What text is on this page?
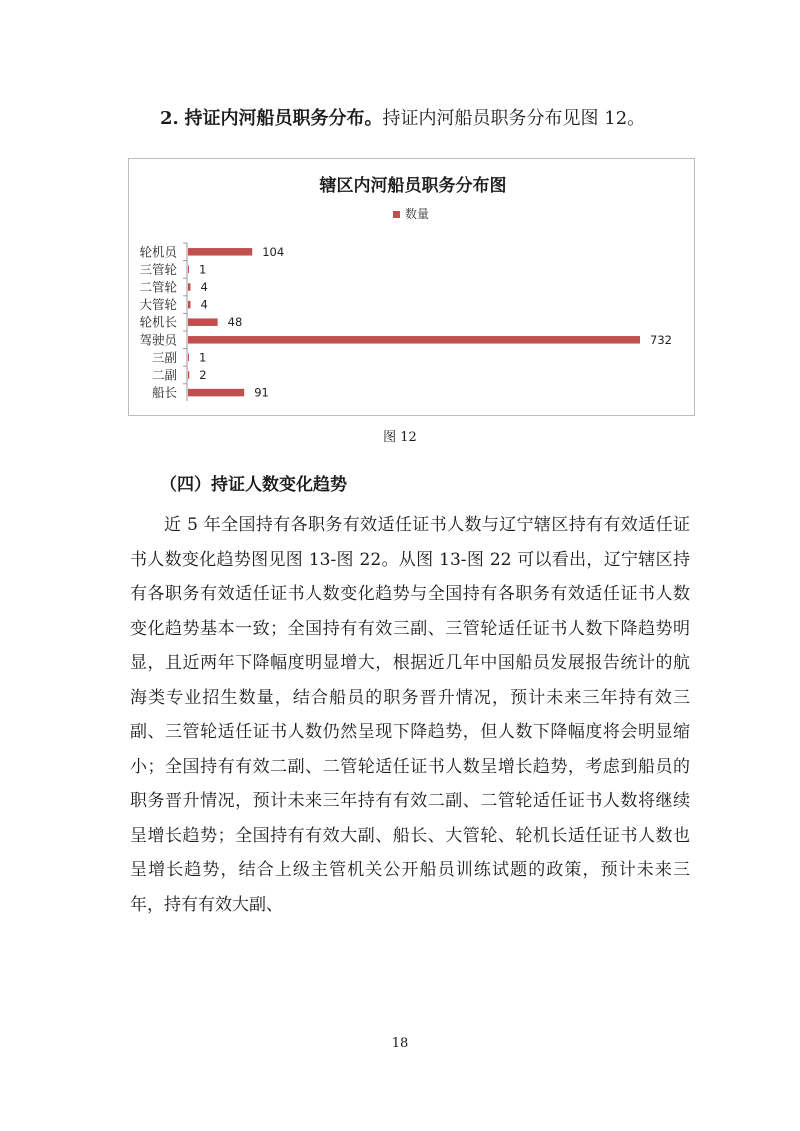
2. 持证内河船员职务分布。持证内河船员职务分布见图 12。
辖区内河船员职务分布图
数量
轮机员	104
三管轮 1
二管轮 4
大管轮 4
轮机长	48
驾驶员	732
三副 1
二副 2
船长	91
图 12
（四）持证人数变化趋势

近 5 年全国持有各职务有效适任证书人数与辽宁辖区持有有效适任证书人数变化趋势图见图 13-图 22。从图 13-图 22 可以看出，辽宁辖区持有各职务有效适任证书人数变化趋势与全国持有各职务有效适任证书人数变化趋势基本一致；全国持有有效三副、三管轮适任证书人数下降趋势明显，且近两年下降幅度明显增大，根据近几年中国船员发展报告统计的航海类专业招生数量，结合船员的职务晋升情况，预计未来三年持有效三副、三管轮适任证书人数仍然呈现下降趋势，但人数下降幅度将会明显缩小；全国持有有效二副、二管轮适任证书人数呈增长趋势，考虑到船员的职务晋升情况，预计未来三年持有有效二副、二管轮适任证书人数将继续呈增长趋势；全国持有有效大副、船长、大管轮、轮机长适任证书人数也呈增长趋势，结合上级主管机关公开船员训练试题的政策，预计未来三年，持有有效大副、

18
